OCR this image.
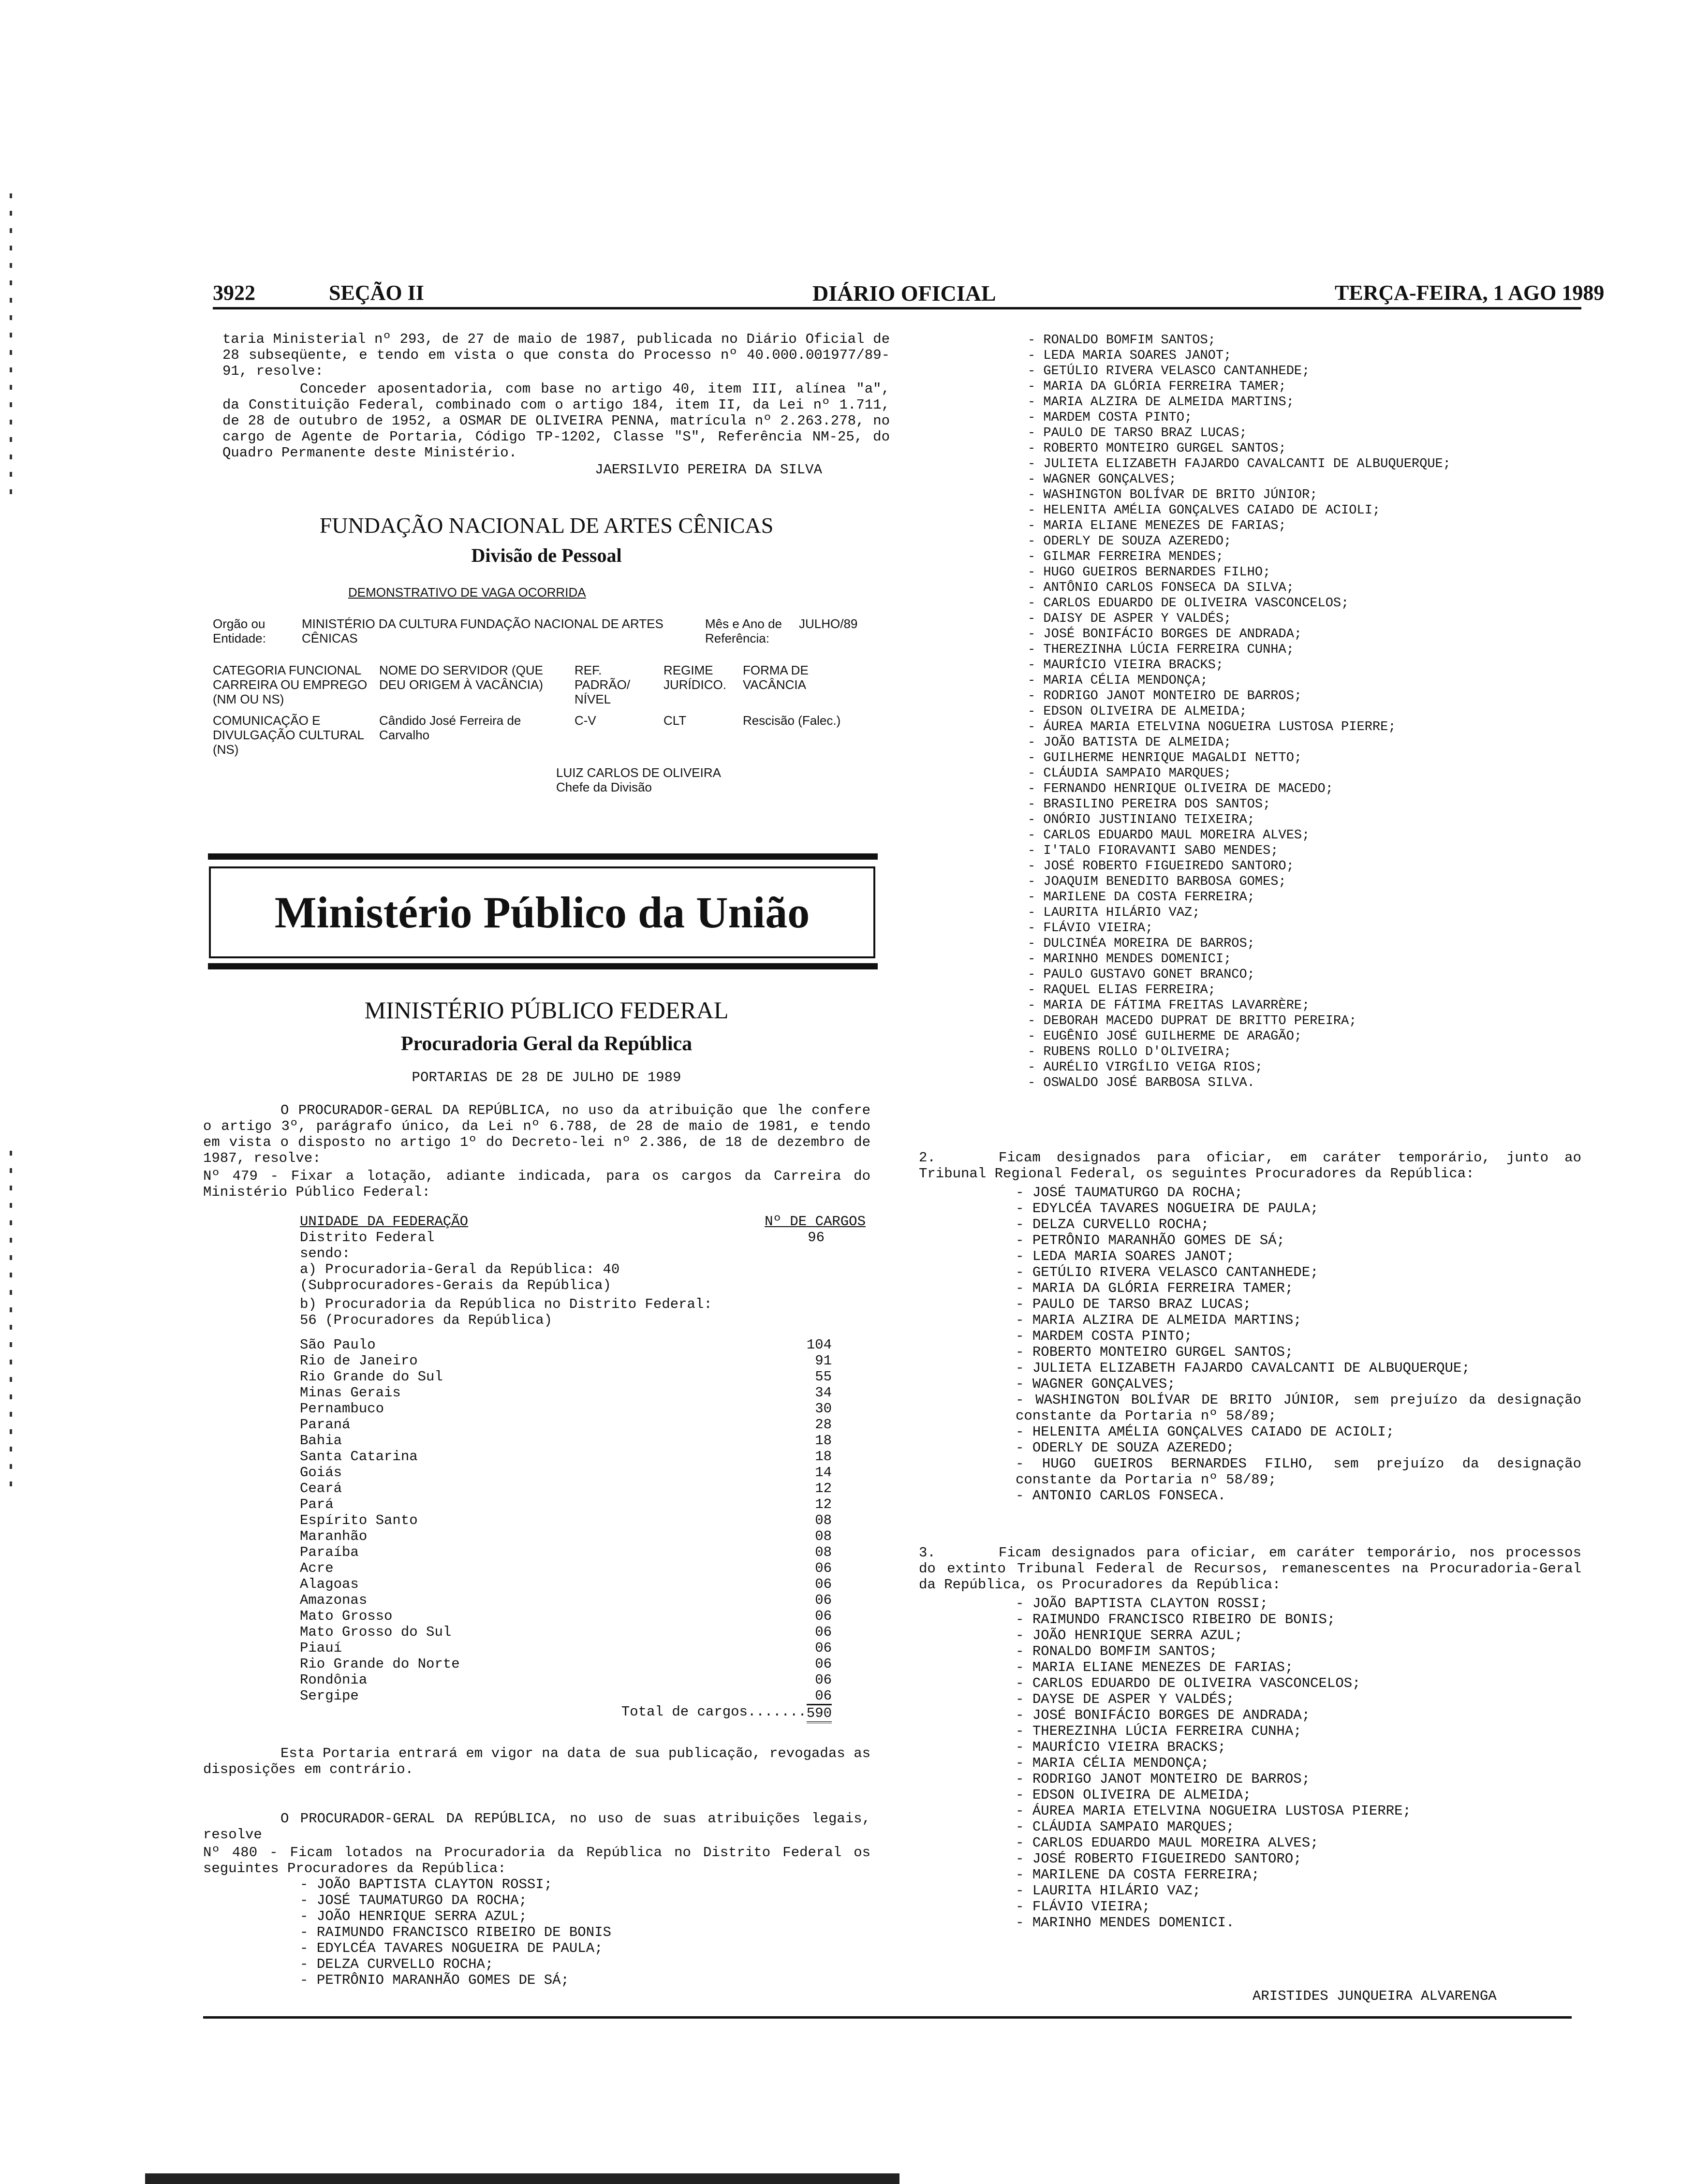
3922	SEÇÃO II	DIÁRIO OFICIAL	TERÇA-FEIRA, 1 AGO 1989
taria Ministerial nº 293, de 27 de maio de 1987, publicada no Diário Oficial de 28 subseqüente, e tendo em vista o que consta do Processo nº 40.000.001977/89-91, resolve:
Conceder aposentadoria, com base no artigo 40, item III, alínea "a", da Constituição Federal, combinado com o artigo 184, item II, da Lei nº 1.711, de 28 de outubro de 1952, a OSMAR DE OLIVEIRA PENNA, matrícula nº 2.263.278, no cargo de Agente de Portaria, Código TP-1202, Classe "S", Referência NM-25, do Quadro Permanente deste Ministério.
JAERSILVIO PEREIRA DA SILVA
FUNDAÇÃO NACIONAL DE ARTES CÊNICAS
Divisão de Pessoal
DEMONSTRATIVO DE VAGA OCORRIDA
Orgão ou Entidade:	MINISTÉRIO DA CULTURA FUNDAÇÃO NACIONAL DE ARTES CÊNICAS	Mês e Ano de Referência:	JULHO/89
CATEGORIA FUNCIONAL CARREIRA OU EMPREGO (NM OU NS)	NOME DO SERVIDOR (QUE DEU ORIGEM À VACÂNCIA)	REF. PADRÃO/ NÍVEL	REGIME JURÍDICO.	FORMA DE VACÂNCIA
COMUNICAÇÃO E DIVULGAÇÃO CULTURAL (NS)	Cândido José Ferreira de Carvalho	C-V	CLT	Rescisão (Falec.)
LUIZ CARLOS DE OLIVEIRA
Chefe da Divisão
Ministério Público da União
MINISTÉRIO PÚBLICO FEDERAL
Procuradoria Geral da República
PORTARIAS DE 28 DE JULHO DE 1989
O PROCURADOR-GERAL DA REPÚBLICA, no uso da atribuição que lhe confere o artigo 3º, parágrafo único, da Lei nº 6.788, de 28 de maio de 1981, e tendo em vista o disposto no artigo 1º do Decreto-lei nº 2.386, de 18 de dezembro de 1987, resolve:
Nº 479 - Fixar a lotação, adiante indicada, para os cargos da Carreira do Ministério Público Federal:
UNIDADE DA FEDERAÇÃO	Nº DE CARGOS
Distrito Federal	96
sendo:
a) Procuradoria-Geral da República: 40 (Subprocuradores-Gerais da República)
b) Procuradoria da República no Distrito Federal: 56 (Procuradores da República)
São Paulo	104
Rio de Janeiro	91
Rio Grande do Sul	55
Minas Gerais	34
Pernambuco	30
Paraná	28
Bahia	18
Santa Catarina	18
Goiás	14
Ceará	12
Pará	12
Espírito Santo	08
Maranhão	08
Paraíba	08
Acre	06
Alagoas	06
Amazonas	06
Mato Grosso	06
Mato Grosso do Sul	06
Piauí	06
Rio Grande do Norte	06
Rondônia	06
Sergipe	06
Total de cargos....... 590
Esta Portaria entrará em vigor na data de sua publicação, revogadas as disposições em contrário.
O PROCURADOR-GERAL DA REPÚBLICA, no uso de suas atribuições legais, resolve
Nº 480 - Ficam lotados na Procuradoria da República no Distrito Federal os seguintes Procuradores da República:
- JOÃO BAPTISTA CLAYTON ROSSI;
- JOSÉ TAUMATURGO DA ROCHA;
- JOÃO HENRIQUE SERRA AZUL;
- RAIMUNDO FRANCISCO RIBEIRO DE BONIS
- EDYLCÉA TAVARES NOGUEIRA DE PAULA;
- DELZA CURVELLO ROCHA;
- PETRÔNIO MARANHÃO GOMES DE SÁ;
- RONALDO BOMFIM SANTOS;
- LEDA MARIA SOARES JANOT;
- GETÚLIO RIVERA VELASCO CANTANHEDE;
- MARIA DA GLÓRIA FERREIRA TAMER;
- MARIA ALZIRA DE ALMEIDA MARTINS;
- MARDEM COSTA PINTO;
- PAULO DE TARSO BRAZ LUCAS;
- ROBERTO MONTEIRO GURGEL SANTOS;
- JULIETA ELIZABETH FAJARDO CAVALCANTI DE ALBUQUERQUE;
- WAGNER GONÇALVES;
- WASHINGTON BOLÍVAR DE BRITO JÚNIOR;
- HELENITA AMÉLIA GONÇALVES CAIADO DE ACIOLI;
- MARIA ELIANE MENEZES DE FARIAS;
- ODERLY DE SOUZA AZEREDO;
- GILMAR FERREIRA MENDES;
- HUGO GUEIROS BERNARDES FILHO;
- ANTÔNIO CARLOS FONSECA DA SILVA;
- CARLOS EDUARDO DE OLIVEIRA VASCONCELOS;
- DAISY DE ASPER Y VALDÉS;
- JOSÉ BONIFÁCIO BORGES DE ANDRADA;
- THEREZINHA LÚCIA FERREIRA CUNHA;
- MAURÍCIO VIEIRA BRACKS;
- MARIA CÉLIA MENDONÇA;
- RODRIGO JANOT MONTEIRO DE BARROS;
- EDSON OLIVEIRA DE ALMEIDA;
- ÁUREA MARIA ETELVINA NOGUEIRA LUSTOSA PIERRE;
- JOÃO BATISTA DE ALMEIDA;
- GUILHERME HENRIQUE MAGALDI NETTO;
- CLÁUDIA SAMPAIO MARQUES;
- FERNANDO HENRIQUE OLIVEIRA DE MACEDO;
- BRASILINO PEREIRA DOS SANTOS;
- ONÓRIO JUSTINIANO TEIXEIRA;
- CARLOS EDUARDO MAUL MOREIRA ALVES;
- I'TALO FIORAVANTI SABO MENDES;
- JOSÉ ROBERTO FIGUEIREDO SANTORO;
- JOAQUIM BENEDITO BARBOSA GOMES;
- MARILENE DA COSTA FERREIRA;
- LAURITA HILÁRIO VAZ;
- FLÁVIO VIEIRA;
- DULCINÉA MOREIRA DE BARROS;
- MARINHO MENDES DOMENICI;
- PAULO GUSTAVO GONET BRANCO;
- RAQUEL ELIAS FERREIRA;
- MARIA DE FÁTIMA FREITAS LAVARRÈRE;
- DEBORAH MACEDO DUPRAT DE BRITTO PEREIRA;
- EUGÊNIO JOSÉ GUILHERME DE ARAGÃO;
- RUBENS ROLLO D'OLIVEIRA;
- AURÉLIO VIRGÍLIO VEIGA RIOS;
- OSWALDO JOSÉ BARBOSA SILVA.
2.	Ficam designados para oficiar, em caráter temporário, junto ao Tribunal Regional Federal, os seguintes Procuradores da República:
- JOSÉ TAUMATURGO DA ROCHA;
- EDYLCÉA TAVARES NOGUEIRA DE PAULA;
- DELZA CURVELLO ROCHA;
- PETRÔNIO MARANHÃO GOMES DE SÁ;
- LEDA MARIA SOARES JANOT;
- GETÚLIO RIVERA VELASCO CANTANHEDE;
- MARIA DA GLÓRIA FERREIRA TAMER;
- PAULO DE TARSO BRAZ LUCAS;
- MARIA ALZIRA DE ALMEIDA MARTINS;
- MARDEM COSTA PINTO;
- ROBERTO MONTEIRO GURGEL SANTOS;
- JULIETA ELIZABETH FAJARDO CAVALCANTI DE ALBUQUERQUE;
- WAGNER GONÇALVES;
- WASHINGTON BOLÍVAR DE BRITO JÚNIOR, sem prejuízo da designação constante da Portaria nº 58/89;
- HELENITA AMÉLIA GONÇALVES CAIADO DE ACIOLI;
- ODERLY DE SOUZA AZEREDO;
- HUGO GUEIROS BERNARDES FILHO, sem prejuízo da designação constante da Portaria nº 58/89;
- ANTONIO CARLOS FONSECA.
3.	Ficam designados para oficiar, em caráter temporário, nos processos do extinto Tribunal Federal de Recursos, remanescentes na Procuradoria-Geral da República, os Procuradores da República:
- JOÃO BAPTISTA CLAYTON ROSSI;
- RAIMUNDO FRANCISCO RIBEIRO DE BONIS;
- JOÃO HENRIQUE SERRA AZUL;
- RONALDO BOMFIM SANTOS;
- MARIA ELIANE MENEZES DE FARIAS;
- CARLOS EDUARDO DE OLIVEIRA VASCONCELOS;
- DAYSE DE ASPER Y VALDÉS;
- JOSÉ BONIFÁCIO BORGES DE ANDRADA;
- THEREZINHA LÚCIA FERREIRA CUNHA;
- MAURÍCIO VIEIRA BRACKS;
- MARIA CÉLIA MENDONÇA;
- RODRIGO JANOT MONTEIRO DE BARROS;
- EDSON OLIVEIRA DE ALMEIDA;
- ÁUREA MARIA ETELVINA NOGUEIRA LUSTOSA PIERRE;
- CLÁUDIA SAMPAIO MARQUES;
- CARLOS EDUARDO MAUL MOREIRA ALVES;
- JOSÉ ROBERTO FIGUEIREDO SANTORO;
- MARILENE DA COSTA FERREIRA;
- LAURITA HILÁRIO VAZ;
- FLÁVIO VIEIRA;
- MARINHO MENDES DOMENICI.
ARISTIDES JUNQUEIRA ALVARENGA
